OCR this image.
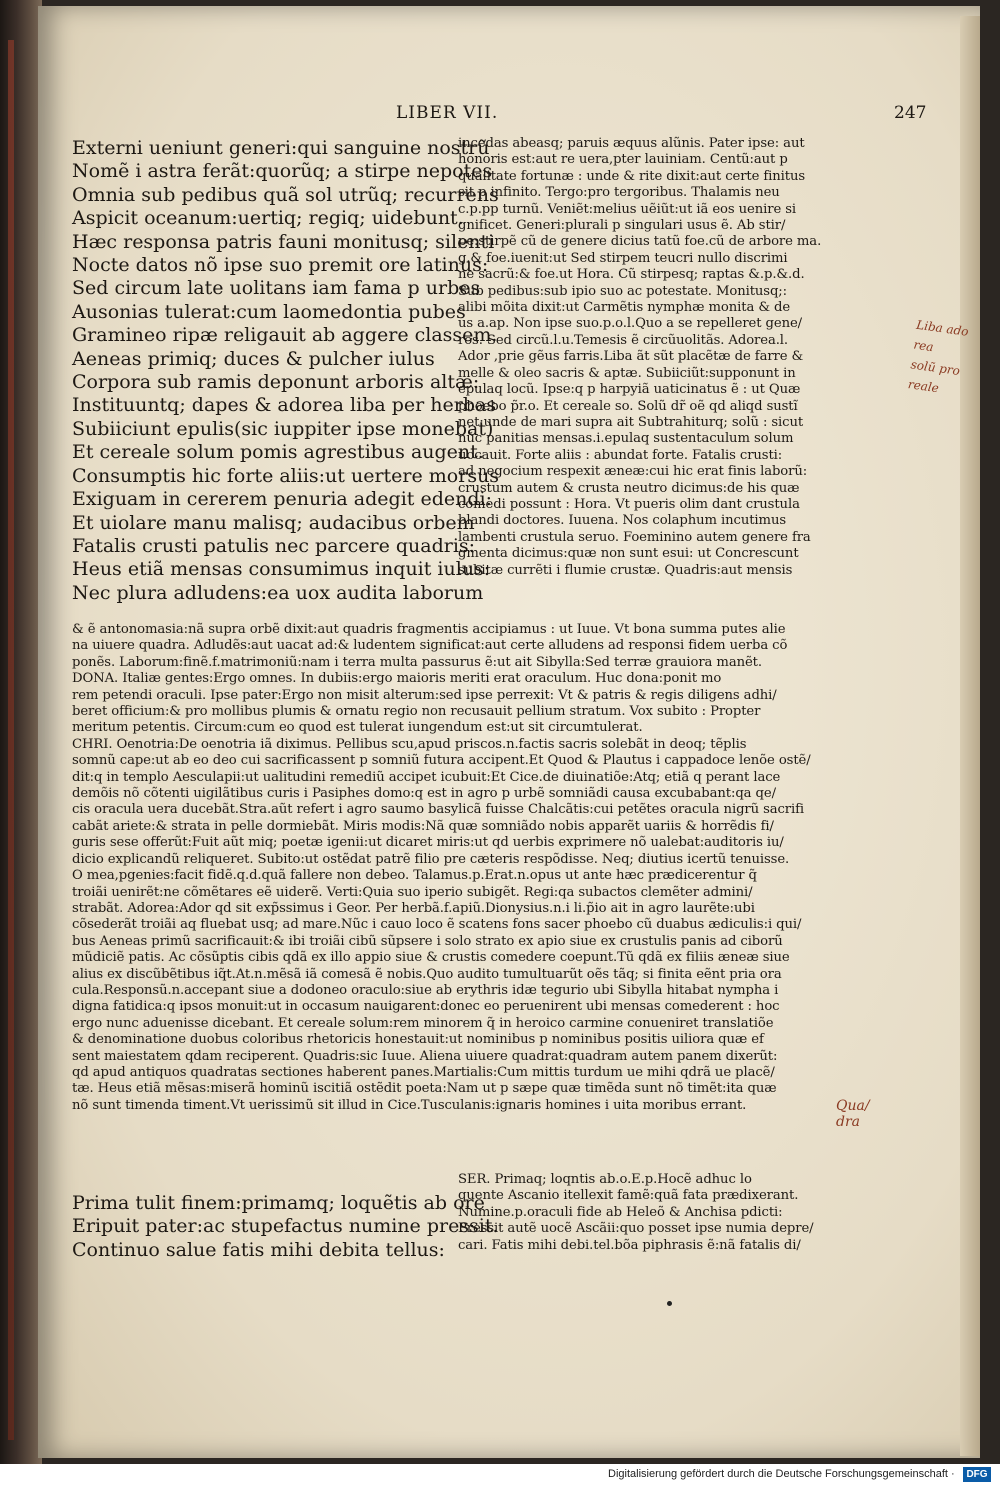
LIBER VII.	247
Externi ueniunt generi:qui sanguine nostrũ
Nomẽ i astra ferãt:quorũq; a stirpe nepotes
Omnia sub pedibus quã sol utrũq; recurrens
Aspicit oceanum:uertiq; regiq; uidebunt.
Hæc responsa patris fauni monitusq; silenti
Nocte datos nõ ipse suo premit ore latinus:
Sed circum late uolitans iam fama p urbes
Ausonias tulerat:cum laomedontia pubes
Gramineo ripæ religauit ab aggere classem.
Aeneas primiq; duces & pulcher iulus
Corpora sub ramis deponunt arboris altæ:
Instituuntq; dapes & adorea liba per herbas
Subiiciunt epulis(sic iuppiter ipse monebat)
Et cereale solum pomis agrestibus augent.
Consumptis hic forte aliis:ut uertere morsus
Exiguam in cererem penuria adegit edendi:
Et uiolare manu malisq; audacibus orbem
Fatalis crusti patulis nec parcere quadris:
Heus etiã mensas consumimus inquit iulus:
Nec plura adludens:ea uox audita laborum
incedas abeasq; paruis æquus alũnis. Pater ipse: aut
honoris est:aut re uera,pter lauiniam. Centũ:aut p
qualitate fortunæ : unde & rite dixit:aut certe finitus
sit p infinito. Tergo:pro tergoribus. Thalamis neu
c.p.pp turnũ. Veniẽt:melius uẽiũt:ut iã eos uenire si
gnificet. Generi:plurali p singulari usus ẽ. Ab stir/
pe:stirpẽ cũ de genere dicius tatũ foe.cũ de arbore ma.
g.& foe.iuenit:ut Sed stirpem teucri nullo discrimi
ne sacrũ:& foe.ut Hora. Cũ stirpesq; raptas &.p.&.d.
Sub pedibus:sub ipio suo ac potestate. Monitusq;:
alibi mõita dixit:ut Carmẽtis nymphæ monita & de
us a.ap. Non ipse suo.p.o.l.Quo a se repelleret gene/
ros. Sed circũ.l.u.Temesis ẽ circũuolitãs. Adorea.l.
Ador ,prie gẽus farris.Liba ãt sũt placẽtæ de farre &
melle & oleo sacris & aptæ. Subiiciũt:supponunt in
epulaq locũ. Ipse:q p harpyiã uaticinatus ẽ : ut Quæ
phoebo p̃r.o. Et cereale so. Solũ dr̃ oẽ qd aliqd sustĩ
net:unde de mari supra ait Subtrahiturq; solũ : sicut
nũc panitias mensas.i.epulaq sustentaculum solum
uocauit. Forte aliis : abundat forte. Fatalis crusti:
ad negocium respexit æneæ:cui hic erat finis laborũ:
crustum autem & crusta neutro dicimus:de his quæ
comedi possunt : Hora. Vt pueris olim dant crustula
blandi doctores. Iuuena. Nos colaphum incutimus
lambenti crustula seruo. Foeminino autem genere fra
gmenta dicimus:quæ non sunt esui: ut Concrescunt
subitæ currẽti i flumie crustæ. Quadris:aut mensis
& ẽ antonomasia:nã supra orbẽ dixit:aut quadris fragmentis accipiamus : ut Iuue. Vt bona summa putes alie
na uiuere quadra. Adludẽs:aut uacat ad:& ludentem significat:aut certe alludens ad responsi fidem uerba cõ
ponẽs. Laborum:finẽ.f.matrimoniũ:nam i terra multa passurus ẽ:ut ait Sibylla:Sed terræ grauiora manẽt.
DONA. Italiæ gentes:Ergo omnes. In dubiis:ergo maioris meriti erat oraculum. Huc dona:ponit mo
rem petendi oraculi. Ipse pater:Ergo non misit alterum:sed ipse perrexit: Vt & patris & regis diligens adhi/
beret officium:& pro mollibus plumis & ornatu regio non recusauit pellium stratum. Vox subito : Propter
meritum petentis. Circum:cum eo quod est tulerat iungendum est:ut sit circumtulerat.
CHRI. Oenotria:De oenotria iã diximus. Pellibus scu,apud priscos.n.factis sacris solebãt in deoq; tẽplis
somnũ cape:ut ab eo deo cui sacrificassent p somniũ futura accipent.Et Quod & Plautus i cappadoce lenõe ostẽ/
dit:q in templo Aesculapii:ut ualitudini remediũ accipet icubuit:Et Cice.de diuinatiõe:Atq; etiã q perant lace
demõis nõ cõtenti uigilãtibus curis i Pasiphes domo:q est in agro p urbẽ somniãdi causa excubabant:qa qe/
cis oracula uera ducebãt.Stra.aũt refert i agro saumo basylicã fuisse Chalcãtis:cui petẽtes oracula nigrũ sacrifi
cabãt ariete:& strata in pelle dormiebãt. Miris modis:Nã quæ somniãdo nobis apparẽt uariis & horrẽdis fi/
guris sese offerũt:Fuit aũt miq; poetæ igenii:ut dicaret miris:ut qd uerbis exprimere nõ ualebat:auditoris iu/
dicio explicandũ reliqueret. Subito:ut ostẽdat patrẽ filio pre cæteris respõdisse. Neq; diutius icertũ tenuisse.
O mea,pgenies:facit fidẽ.q.d.quã fallere non debeo. Talamus.p.Erat.n.opus ut ante hæc prædicerentur q̃
troiãi uenirẽt:ne cõmẽtares eẽ uiderẽ. Verti:Quia suo iperio subigẽt. Regi:qa subactos clemẽter admini/
strabãt. Adorea:Ador qd sit exp̃ssimus i Geor. Per herbã.f.apiũ.Dionysius.n.i li.p̃io ait in agro laurẽte:ubi
cõsederãt troiãi aq fluebat usq; ad mare.Nũc i cauo loco ẽ scatens fons sacer phoebo cũ duabus ædiculis:i qui/
bus Aeneas primũ sacrificauit:& ibi troiãi cibũ sũpsere i solo strato ex apio siue ex crustulis panis ad ciborũ
mũdiciẽ patis. Ac cõsũptis cibis qdã ex illo appio siue & crustis comedere coepunt.Tũ qdã ex filiis æneæ siue
alius ex discũbẽtibus iq̃t.At.n.mẽsã iã comesã ẽ nobis.Quo audito tumultuarũt oẽs tãq; si finita eẽnt pria ora
cula.Responsũ.n.accepant siue a dodoneo oraculo:siue ab erythris idæ tegurio ubi Sibylla hitabat nympha i
digna fatidica:q ipsos monuit:ut in occasum nauigarent:donec eo peruenirent ubi mensas comederent : hoc
ergo nunc aduenisse dicebant. Et cereale solum:rem minorem q̃ in heroico carmine conueniret translatiõe
& denominatione duobus coloribus rhetoricis honestauit:ut nominibus p nominibus positis uiliora quæ ef
sent maiestatem qdam reciperent. Quadris:sic Iuue. Aliena uiuere quadrat:quadram autem panem dixerũt:
qd apud antiquos quadratas sectiones haberent panes.Martialis:Cum mittis turdum ue mihi qdrã ue placẽ/
tæ. Heus etiã mẽsas:miserã hominũ iscitiã ostẽdit poeta:Nam ut p sæpe quæ timẽda sunt nõ timẽt:ita quæ
nõ sunt timenda timent.Vt uerissimũ sit illud in Cice.Tusculanis:ignaris homines i uita moribus errant.
Prima tulit finem:primamq; loquẽtis ab ore
Eripuit pater:ac stupefactus numine pressit.
Continuo salue fatis mihi debita tellus:
SER. Primaq; loqntis ab.o.E.p.Hocẽ adhuc lo
quente Ascanio itellexit famẽ:quã fata prædixerant.
Numine.p.oraculi fide ab Heleõ & Anchisa pdicti:
Pressit autẽ uocẽ Ascãii:quo posset ipse numia depre/
cari. Fatis mihi debi.tel.bõa piphrasis ẽ:nã fatalis di/
Liba ado
rea
solũ pro
reale
Qua/
dra
Digitalisierung gefördert durch die Deutsche Forschungsgemeinschaft ·	DFG
